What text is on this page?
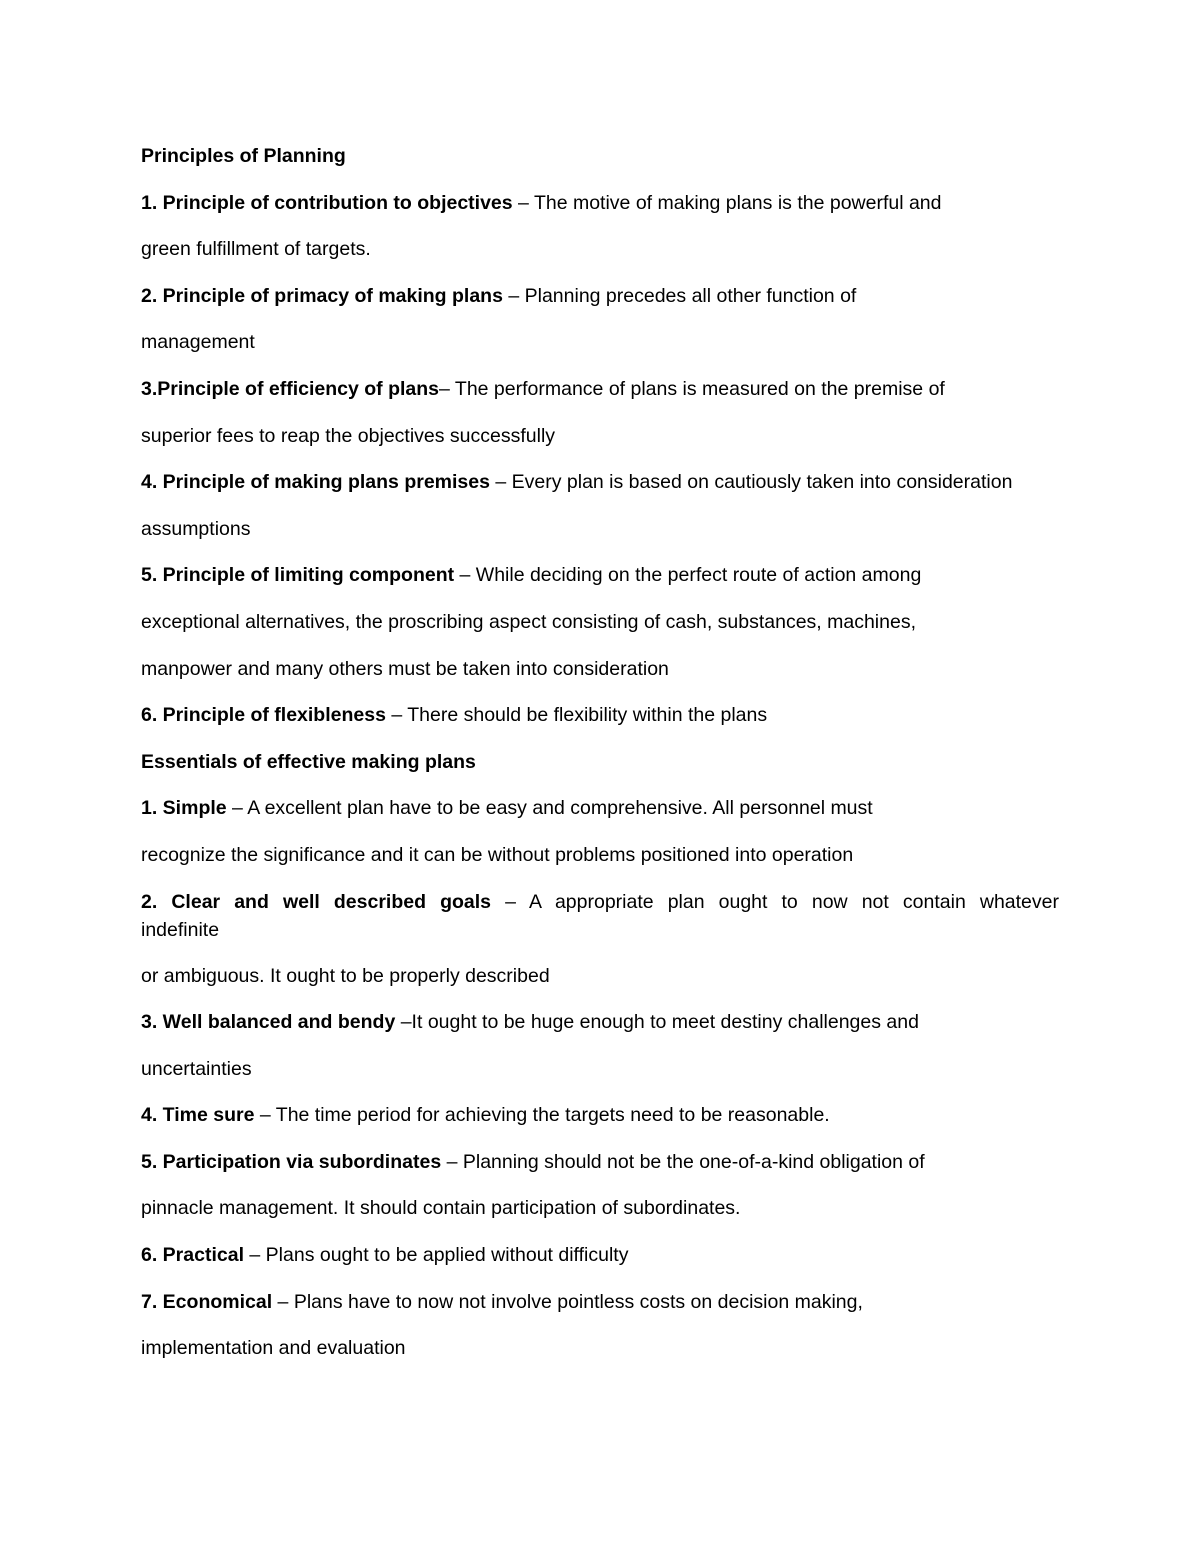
Principles of Planning

1. Principle of contribution to objectives – The motive of making plans is the powerful and

green fulfillment of targets.

2. Principle of primacy of making plans – Planning precedes all other function of

management

3.Principle of efficiency of plans– The performance of plans is measured on the premise of

superior fees to reap the objectives successfully

4. Principle of making plans premises – Every plan is based on cautiously taken into consideration

assumptions

5. Principle of limiting component – While deciding on the perfect route of action among

exceptional alternatives, the proscribing aspect consisting of cash, substances, machines,

manpower and many others must be taken into consideration

6. Principle of flexibleness – There should be flexibility within the plans

Essentials of effective making plans

1. Simple – A excellent plan have to be easy and comprehensive. All personnel must

recognize the significance and it can be without problems positioned into operation

2. Clear and well described goals – A appropriate plan ought to now not contain whatever

indefinite

or ambiguous. It ought to be properly described

3. Well balanced and bendy –It ought to be huge enough to meet destiny challenges and

uncertainties

4. Time sure – The time period for achieving the targets need to be reasonable.

5. Participation via subordinates – Planning should not be the one-of-a-kind obligation of

pinnacle management. It should contain participation of subordinates.

6. Practical – Plans ought to be applied without difficulty

7. Economical – Plans have to now not involve pointless costs on decision making,

implementation and evaluation
